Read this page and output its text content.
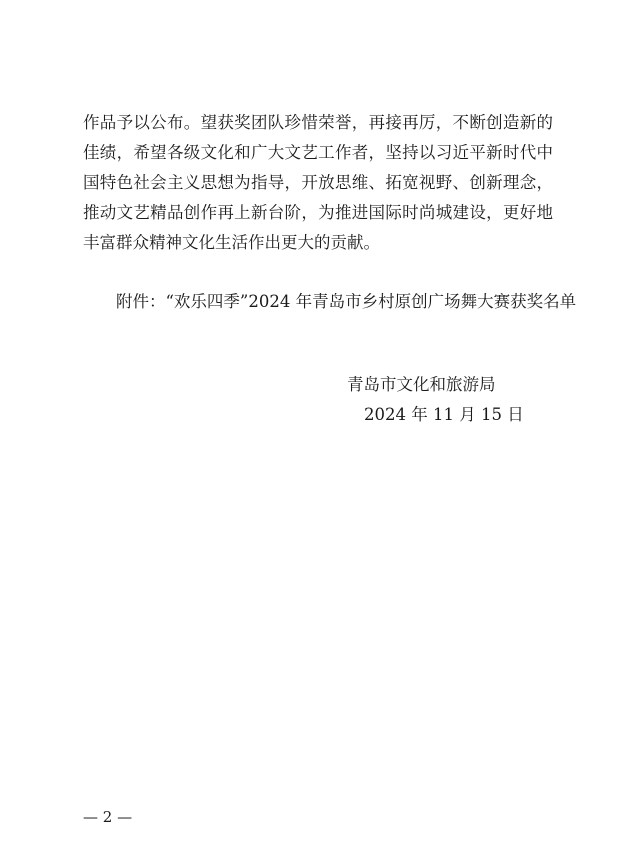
作品予以公布。望获奖团队珍惜荣誉，再接再厉，不断创造新的
佳绩，希望各级文化和广大文艺工作者，坚持以习近平新时代中
国特色社会主义思想为指导，开放思维、拓宽视野、创新理念，
推动文艺精品创作再上新台阶，为推进国际时尚城建设，更好地
丰富群众精神文化生活作出更大的贡献。
附件：“欢乐四季”2024 年青岛市乡村原创广场舞大赛获奖名单
青岛市文化和旅游局
2024 年 11 月 15 日
— 2 —
